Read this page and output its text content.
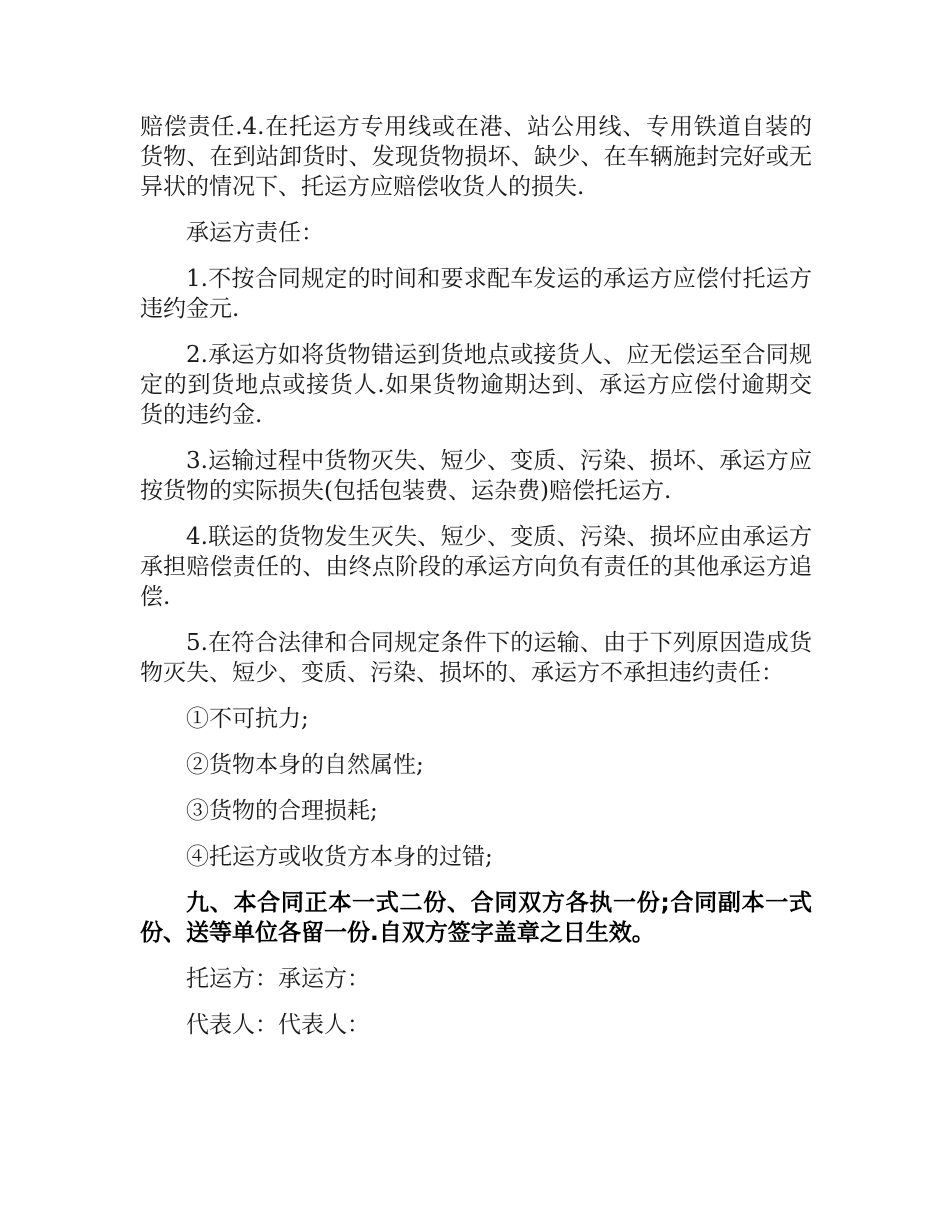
赔偿责任.4.在托运方专用线或在港、站公用线、专用铁道自装的货物、在到站卸货时、发现货物损坏、缺少、在车辆施封完好或无异状的情况下、托运方应赔偿收货人的损失.

承运方责任：

1.不按合同规定的时间和要求配车发运的承运方应偿付托运方违约金元.

2.承运方如将货物错运到货地点或接货人、应无偿运至合同规定的到货地点或接货人.如果货物逾期达到、承运方应偿付逾期交货的违约金.

3.运输过程中货物灭失、短少、变质、污染、损坏、承运方应按货物的实际损失(包括包装费、运杂费)赔偿托运方.

4.联运的货物发生灭失、短少、变质、污染、损坏应由承运方承担赔偿责任的、由终点阶段的承运方向负有责任的其他承运方追偿.

5.在符合法律和合同规定条件下的运输、由于下列原因造成货物灭失、短少、变质、污染、损坏的、承运方不承担违约责任：

①不可抗力;

②货物本身的自然属性;

③货物的合理损耗;

④托运方或收货方本身的过错;

九、本合同正本一式二份、合同双方各执一份;合同副本一式份、送等单位各留一份.自双方签字盖章之日生效。

托运方：承运方：

代表人：代表人：
